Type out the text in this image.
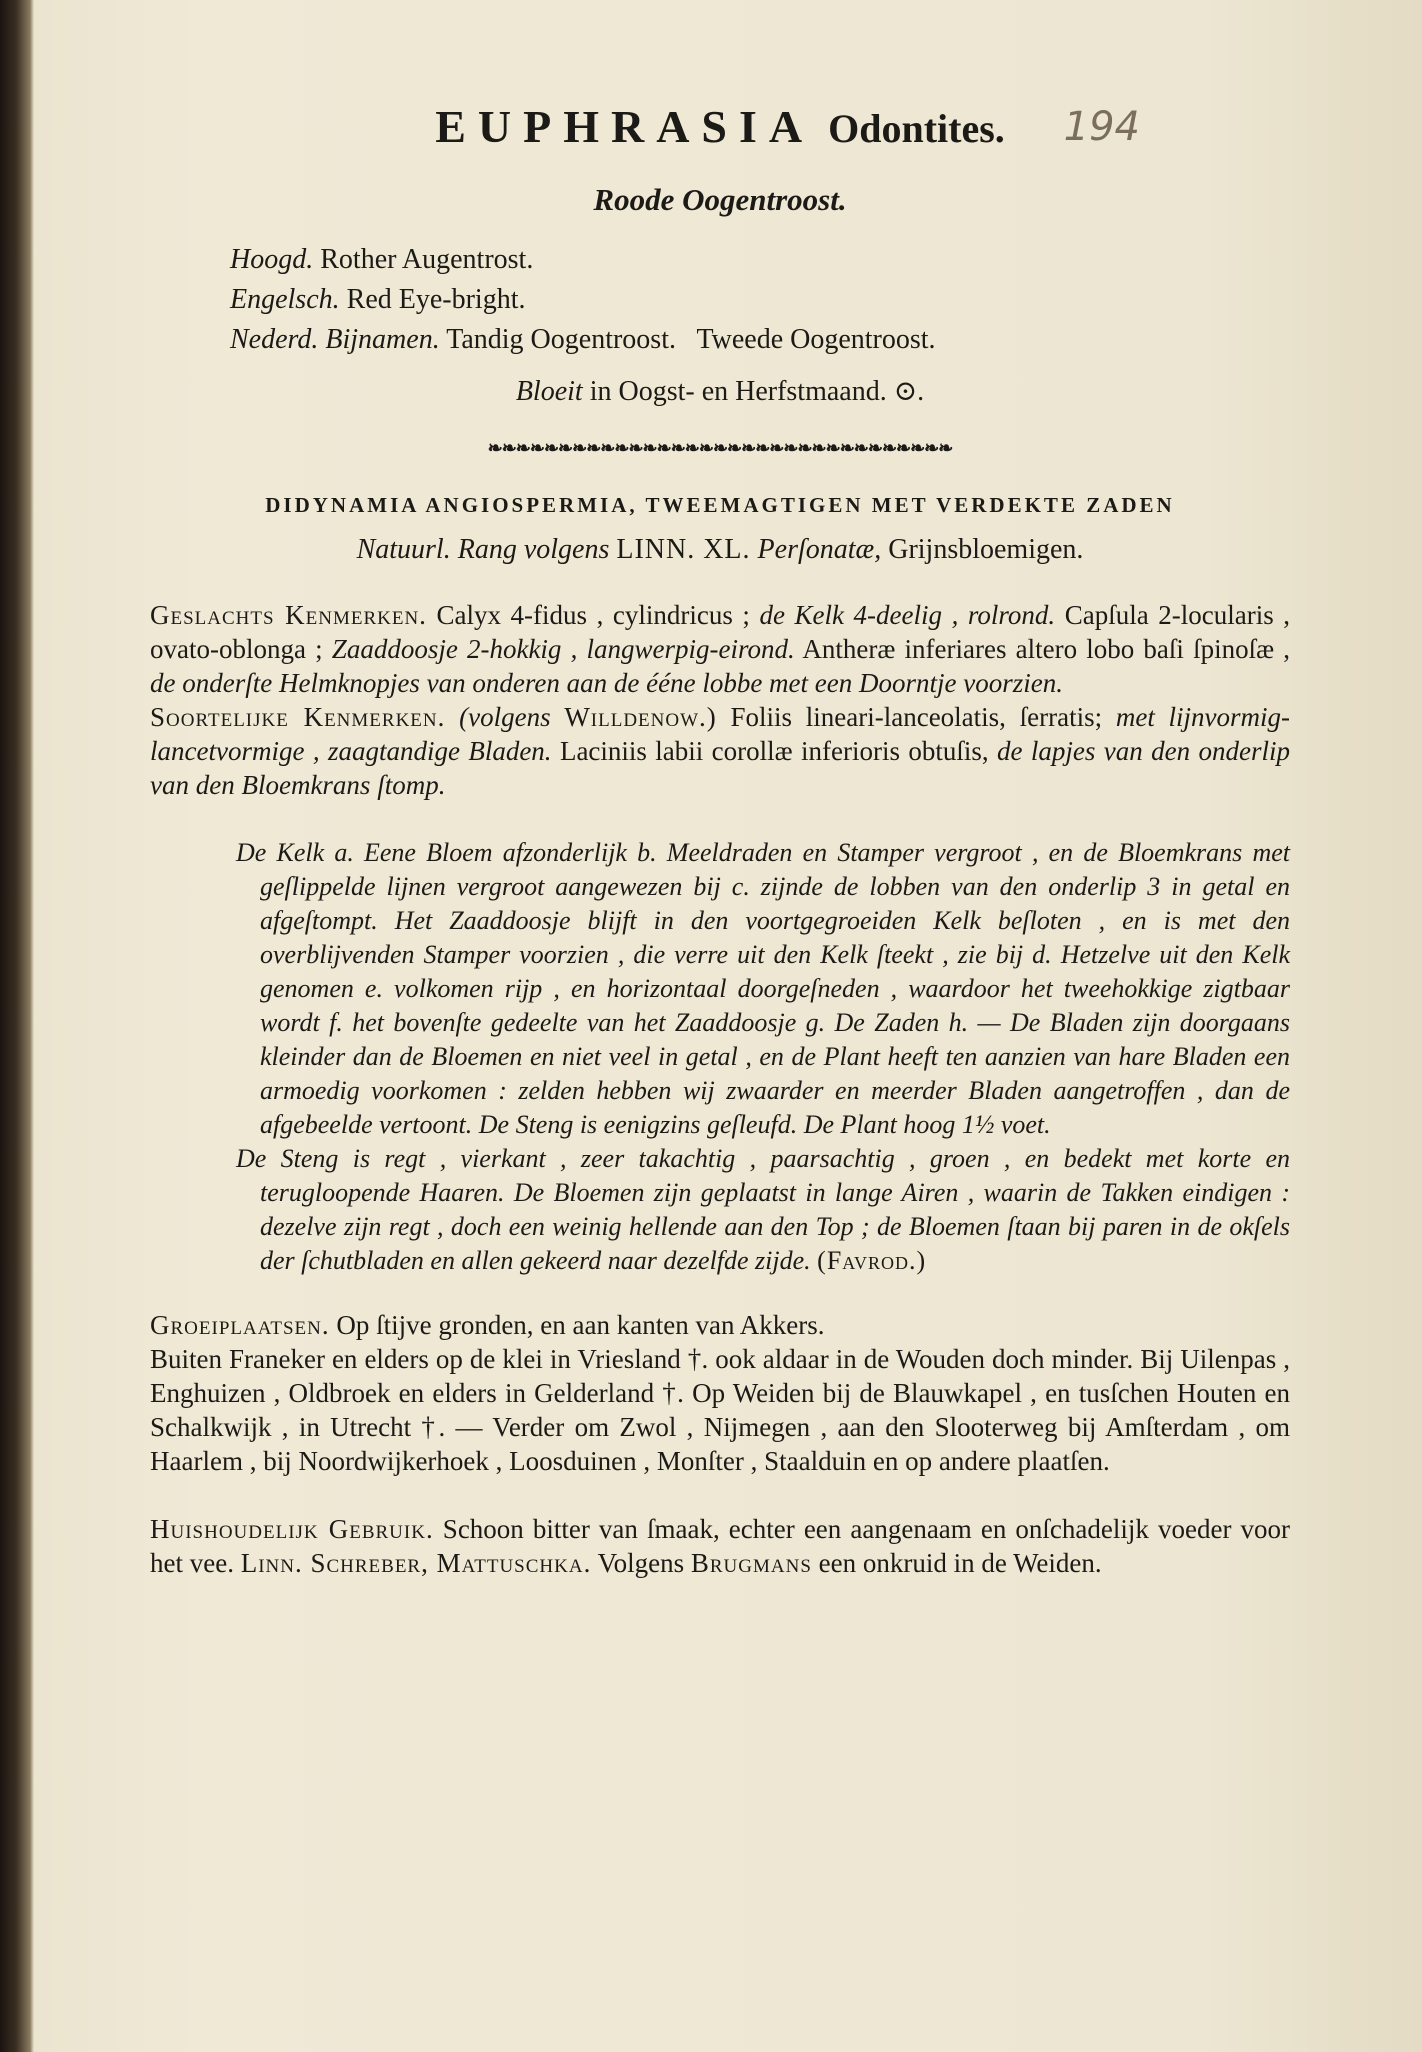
EUPHRASIA Odontites. 194
Roode Oogentroost.
Hoogd. Rother Augentrost.
Engelsch. Red Eye-bright.
Nederd. Bijnamen. Tandig Oogentroost.   Tweede Oogentroost.
Bloeit in Oogst- en Herfstmaand. ⊙.
❧❧❧❧❧❧❧❧❧❧❧❧❧❧❧❧❧❧❧❧❧❧❧❧❧❧❧❧❧❧❧❧❧
DIDYNAMIA ANGIOSPERMIA, TWEEMAGTIGEN MET VERDEKTE ZADEN
Natuurl. Rang volgens LINN. XL. Perſonatæ, Grijnsbloemigen.

Geslachts Kenmerken. Calyx 4-fidus , cylindricus ; de Kelk 4-deelig , rolrond. Capſula 2-locularis , ovato-oblonga ; Zaaddoosje 2-hokkig , langwerpig-eirond. Antheræ inferiares altero lobo baſi ſpinoſæ , de onderſte Helmknopjes van onderen aan de ééne lobbe met een Doorntje voorzien.

Soortelijke Kenmerken. (volgens Willdenow.) Foliis lineari-lanceolatis, ſerratis; met lijnvormig-lancetvormige , zaagtandige Bladen. Laciniis labii corollæ inferioris obtuſis, de lapjes van den onderlip van den Bloemkrans ſtomp.

De Kelk a. Eene Bloem afzonderlijk b. Meeldraden en Stamper vergroot , en de Bloemkrans met geſlippelde lijnen vergroot aangewezen bij c. zijnde de lobben van den onderlip 3 in getal en afgeſtompt. Het Zaaddoosje blijft in den voortgegroeiden Kelk beſloten , en is met den overblijvenden Stamper voorzien , die verre uit den Kelk ſteekt , zie bij d. Hetzelve uit den Kelk genomen e. volkomen rijp , en horizontaal doorgeſneden , waardoor het tweehokkige zigtbaar wordt f. het bovenſte gedeelte van het Zaaddoosje g. De Zaden h. — De Bladen zijn doorgaans kleinder dan de Bloemen en niet veel in getal , en de Plant heeft ten aanzien van hare Bladen een armoedig voorkomen : zelden hebben wij zwaarder en meerder Bladen aangetroffen , dan de afgebeelde vertoont. De Steng is eenigzins geſleufd. De Plant hoog 1½ voet.

De Steng is regt , vierkant , zeer takachtig , paarsachtig , groen , en bedekt met korte en terugloopende Haaren. De Bloemen zijn geplaatst in lange Airen , waarin de Takken eindigen : dezelve zijn regt , doch een weinig hellende aan den Top ; de Bloemen ſtaan bij paren in de okſels der ſchutbladen en allen gekeerd naar dezelfde zijde. (Favrod.)

Groeiplaatsen. Op ſtijve gronden, en aan kanten van Akkers.
Buiten Franeker en elders op de klei in Vriesland †. ook aldaar in de Wouden doch minder. Bij Uilenpas , Enghuizen , Oldbroek en elders in Gelderland †. Op Weiden bij de Blauwkapel , en tusſchen Houten en Schalkwijk , in Utrecht †. — Verder om Zwol , Nijmegen , aan den Slooterweg bij Amſterdam , om Haarlem , bij Noordwijkerhoek , Loosduinen , Monſter , Staalduin en op andere plaatſen.

Huishoudelijk Gebruik. Schoon bitter van ſmaak, echter een aangenaam en onſchadelijk voeder voor het vee. Linn. Schreber, Mattuschka. Volgens Brugmans een onkruid in de Weiden.
